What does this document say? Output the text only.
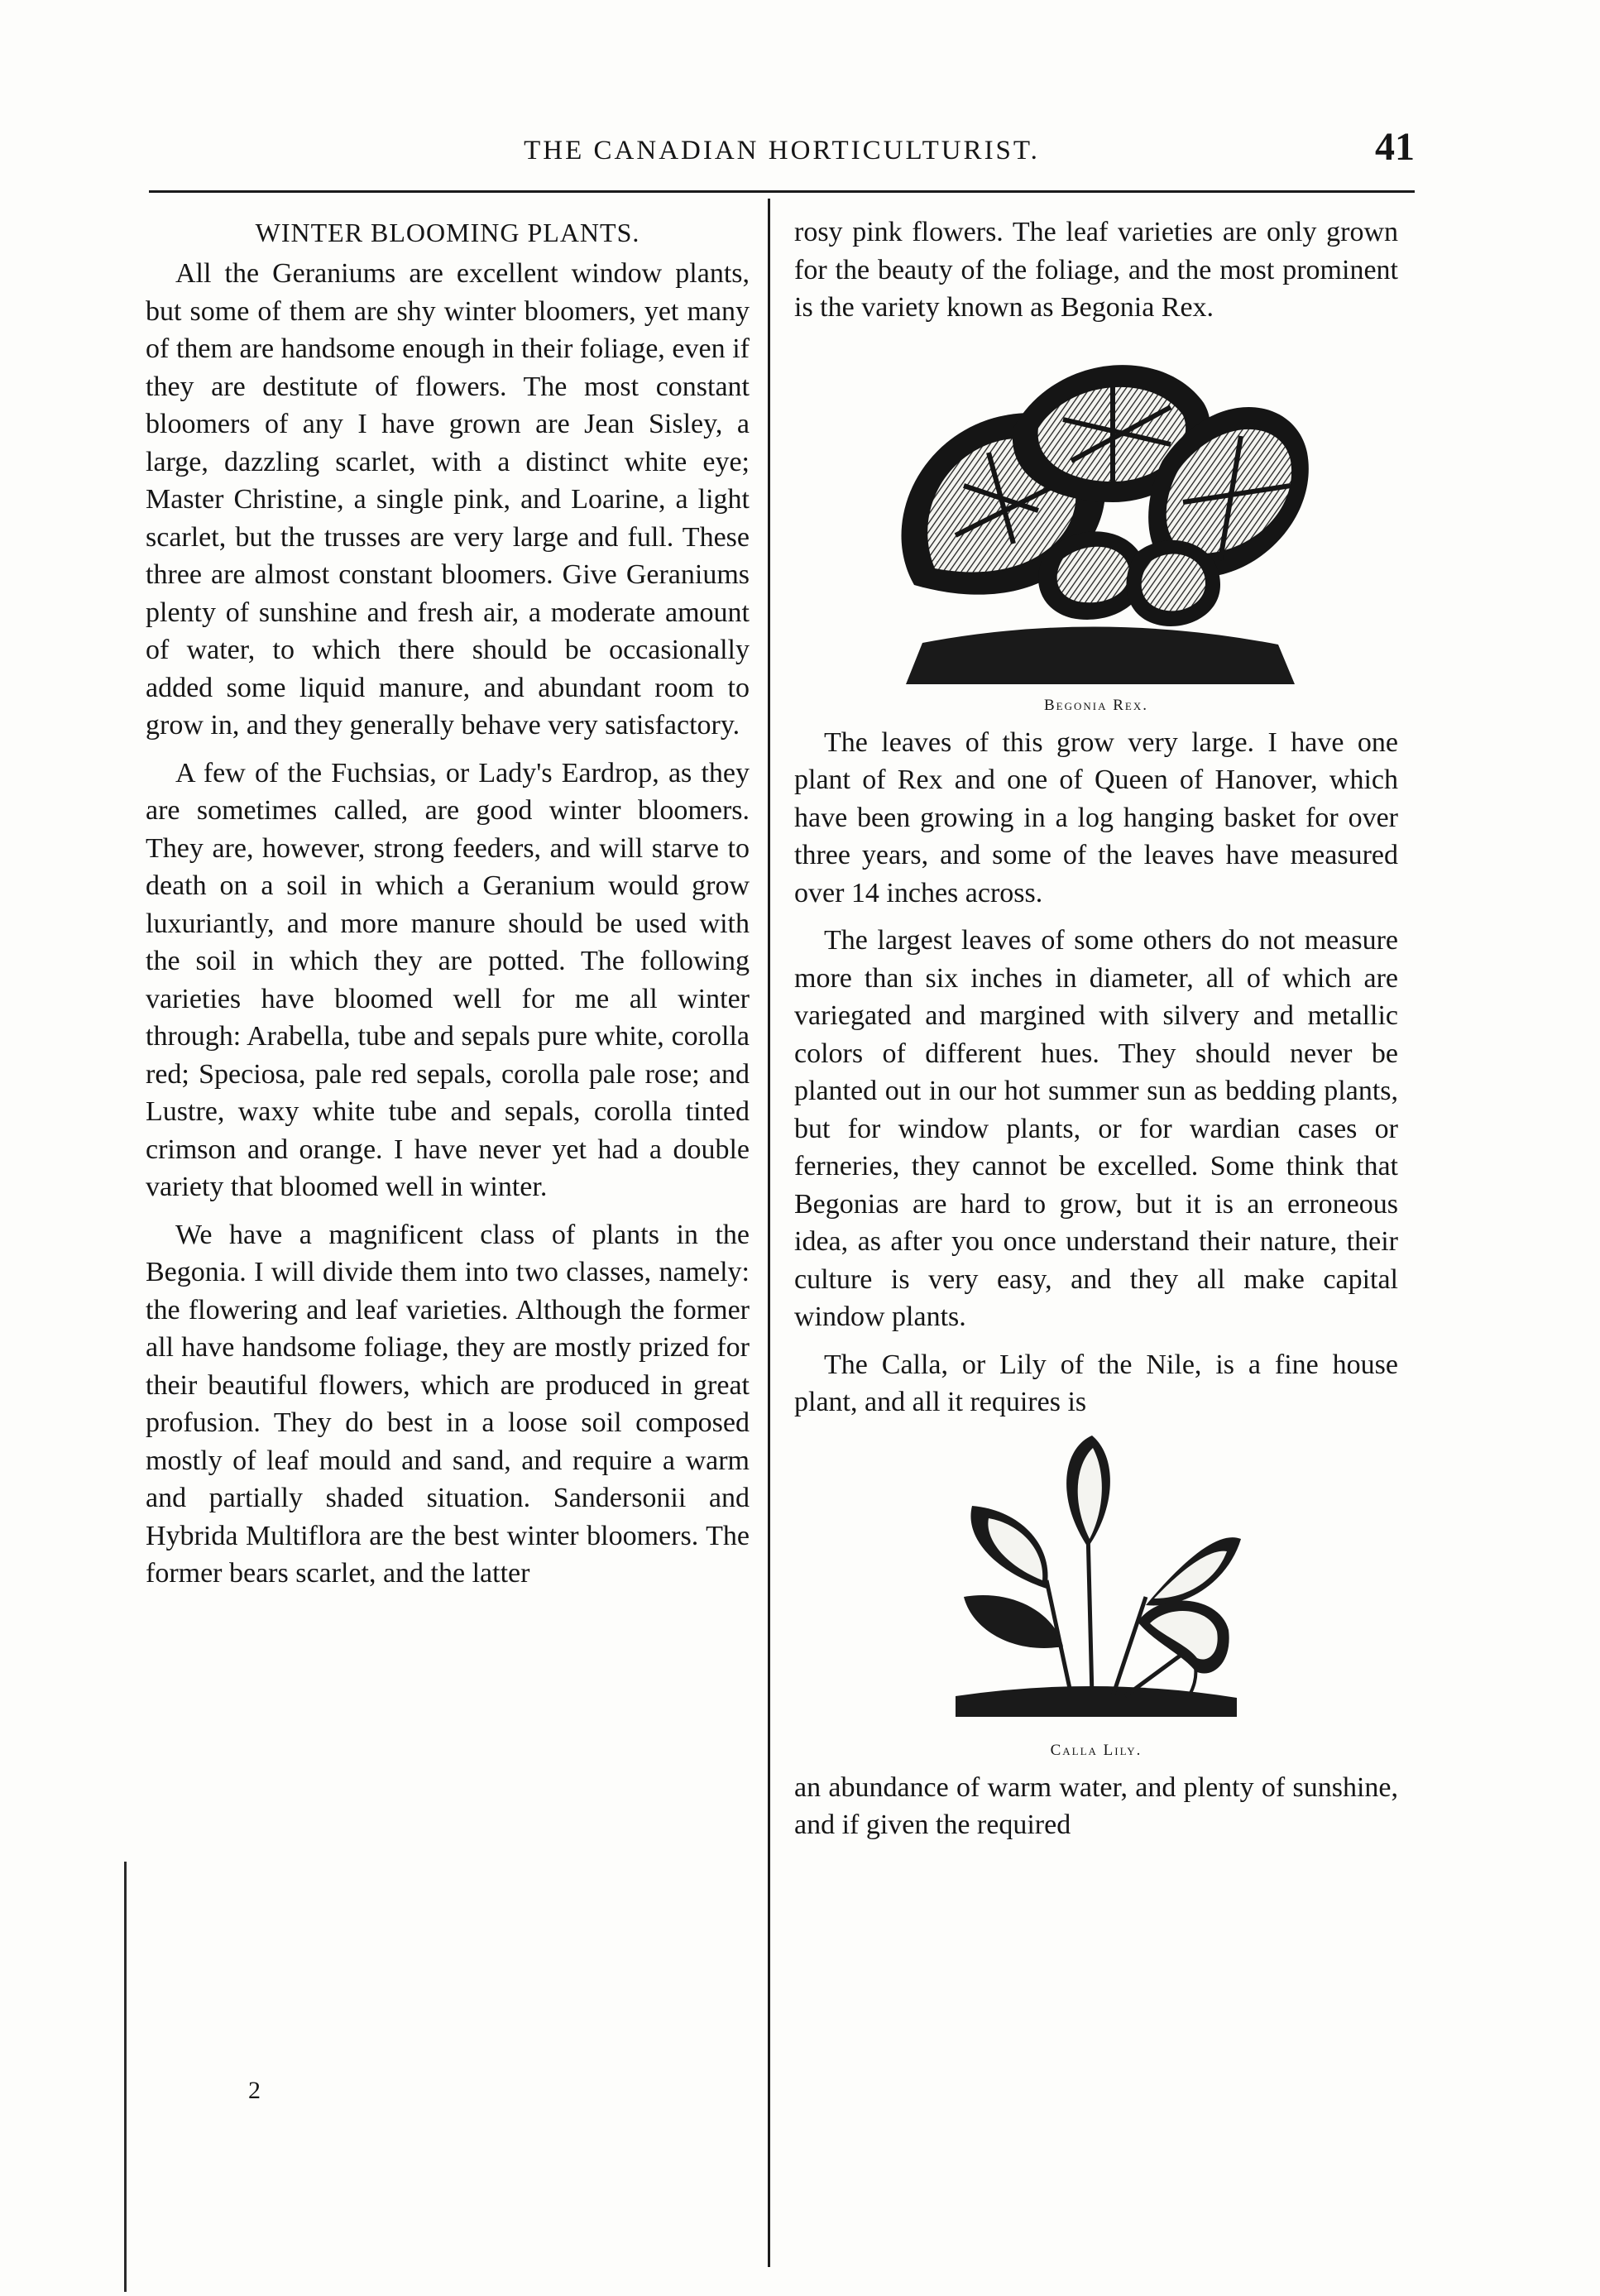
THE CANADIAN HORTICULTURIST.	41
WINTER BLOOMING PLANTS.

All the Geraniums are excellent window plants, but some of them are shy winter bloomers, yet many of them are handsome enough in their foliage, even if they are destitute of flowers. The most constant bloomers of any I have grown are Jean Sisley, a large, dazzling scarlet, with a distinct white eye; Master Christine, a single pink, and Loarine, a light scarlet, but the trusses are very large and full. These three are almost constant bloomers. Give Geraniums plenty of sunshine and fresh air, a moderate amount of water, to which there should be occasionally added some liquid manure, and abundant room to grow in, and they generally behave very satisfactory.

A few of the Fuchsias, or Lady's Eardrop, as they are sometimes called, are good winter bloomers. They are, however, strong feeders, and will starve to death on a soil in which a Geranium would grow luxuriantly, and more manure should be used with the soil in which they are potted. The following varieties have bloomed well for me all winter through: Arabella, tube and sepals pure white, corolla red; Speciosa, pale red sepals, corolla pale rose; and Lustre, waxy white tube and sepals, corolla tinted crimson and orange. I have never yet had a double variety that bloomed well in winter.

We have a magnificent class of plants in the Begonia. I will divide them into two classes, namely: the flowering and leaf varieties. Although the former all have handsome foliage, they are mostly prized for their beautiful flowers, which are produced in great profusion. They do best in a loose soil composed mostly of leaf mould and sand, and require a warm and partially shaded situation. Sandersonii and Hybrida Multiflora are the best winter bloomers. The former bears scarlet, and the latter

2

rosy pink flowers. The leaf varieties are only grown for the beauty of the foliage, and the most prominent is the variety known as Begonia Rex.

Begonia Rex.

The leaves of this grow very large. I have one plant of Rex and one of Queen of Hanover, which have been growing in a log hanging basket for over three years, and some of the leaves have measured over 14 inches across.

The largest leaves of some others do not measure more than six inches in diameter, all of which are variegated and margined with silvery and metallic colors of different hues. They should never be planted out in our hot summer sun as bedding plants, but for window plants, or for wardian cases or ferneries, they cannot be excelled. Some think that Begonias are hard to grow, but it is an erroneous idea, as after you once understand their nature, their culture is very easy, and they all make capital window plants.

The Calla, or Lily of the Nile, is a fine house plant, and all it requires is

Calla Lily.

an abundance of warm water, and plenty of sunshine, and if given the required
